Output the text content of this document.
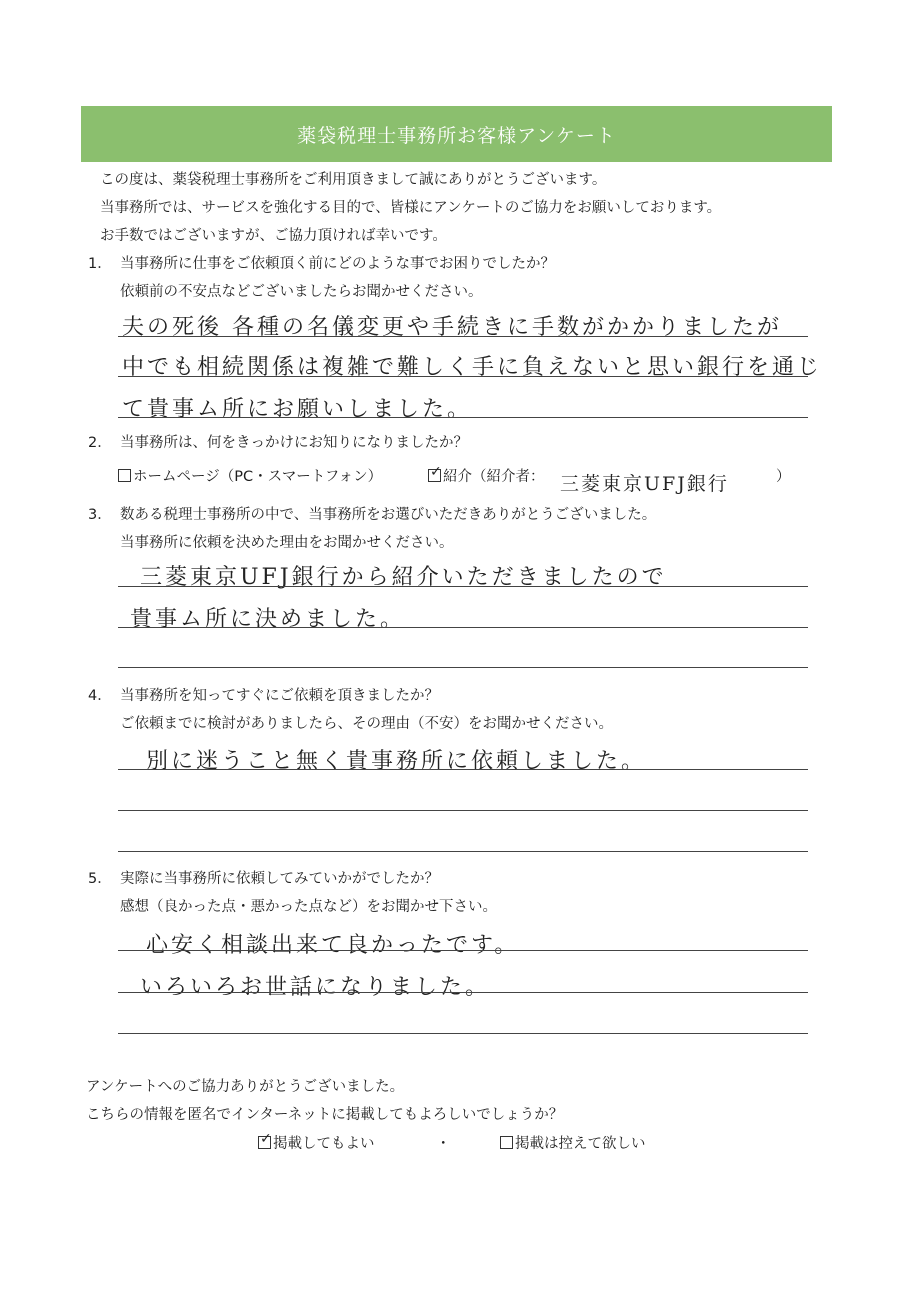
薬袋税理士事務所お客様アンケート
この度は、薬袋税理士事務所をご利用頂きまして誠にありがとうございます。
当事務所では、サービスを強化する目的で、皆様にアンケートのご協力をお願いしております。
お手数ではございますが、ご協力頂ければ幸いです。
1． 当事務所に仕事をご依頼頂く前にどのような事でお困りでしたか？
依頼前の不安点などございましたらお聞かせください。
夫の死後 各種の名儀変更や手続きに手数がかかりましたが
中でも相続関係は複雑で難しく手に負えないと思い銀行を通じ
て貴事ム所にお願いしました。
2． 当事務所は、何をきっかけにお知りになりましたか？
ホームページ（PC・スマートフォン）	✓ 紹介（紹介者： 三菱東京UFJ銀行	）
3． 数ある税理士事務所の中で、当事務所をお選びいただきありがとうございました。
当事務所に依頼を決めた理由をお聞かせください。
三菱東京UFJ銀行から紹介いただきましたので
貴事ム所に決めました。
4． 当事務所を知ってすぐにご依頼を頂きましたか？
ご依頼までに検討がありましたら、その理由（不安）をお聞かせください。
別に迷うこと無く貴事務所に依頼しました。
5． 実際に当事務所に依頼してみていかがでしたか？
感想（良かった点・悪かった点など）をお聞かせ下さい。
心安く相談出来て良かったです。
いろいろお世話になりました。
アンケートへのご協力ありがとうございました。
こちらの情報を匿名でインターネットに掲載してもよろしいでしょうか？
✓ 掲載してもよい	・	掲載は控えて欲しい
